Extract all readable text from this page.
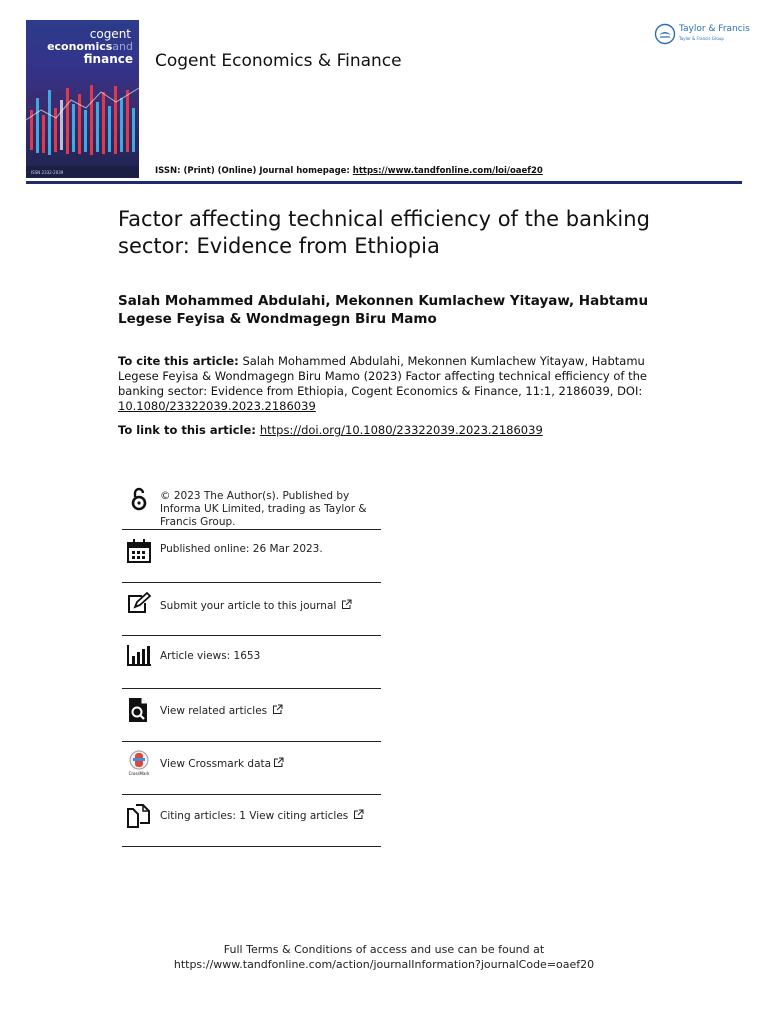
cogent
economicsand
finance
ISSN 2332-2039
Cogent Economics & Finance
ISSN: (Print) (Online) Journal homepage: https://www.tandfonline.com/loi/oaef20
Taylor & Francis
Taylor & Francis Group
Factor affecting technical efficiency of the banking sector: Evidence from Ethiopia
Salah Mohammed Abdulahi, Mekonnen Kumlachew Yitayaw, Habtamu Legese Feyisa & Wondmagegn Biru Mamo
To cite this article: Salah Mohammed Abdulahi, Mekonnen Kumlachew Yitayaw, Habtamu Legese Feyisa & Wondmagegn Biru Mamo (2023) Factor affecting technical efficiency of the banking sector: Evidence from Ethiopia, Cogent Economics & Finance, 11:1, 2186039, DOI: 10.1080/23322039.2023.2186039
To link to this article: https://doi.org/10.1080/23322039.2023.2186039
© 2023 The Author(s). Published by Informa UK Limited, trading as Taylor & Francis Group.
Published online: 26 Mar 2023.
Submit your article to this journal
Article views: 1653
View related articles
CrossMark
View Crossmark data
Citing articles: 1 View citing articles
Full Terms & Conditions of access and use can be found at
https://www.tandfonline.com/action/journalInformation?journalCode=oaef20
